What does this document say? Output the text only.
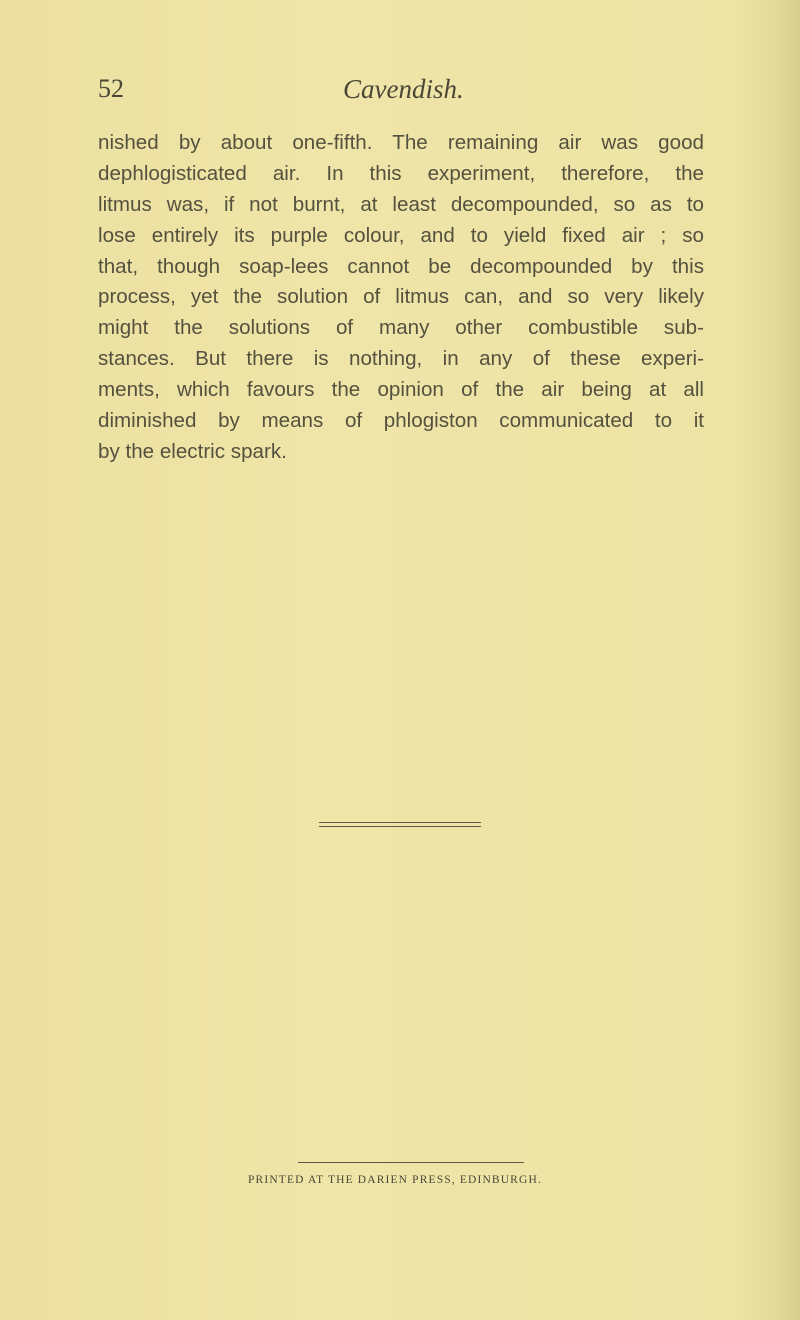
52	Cavendish.
nished by about one-fifth. The remaining air was good
dephlogisticated air. In this experiment, therefore, the
litmus was, if not burnt, at least decompounded, so as to
lose entirely its purple colour, and to yield fixed air ; so
that, though soap-lees cannot be decompounded by this
process, yet the solution of litmus can, and so very likely
might the solutions of many other combustible sub-
stances. But there is nothing, in any of these experi-
ments, which favours the opinion of the air being at all
diminished by means of phlogiston communicated to it
by the electric spark.
PRINTED AT THE DARIEN PRESS, EDINBURGH.
